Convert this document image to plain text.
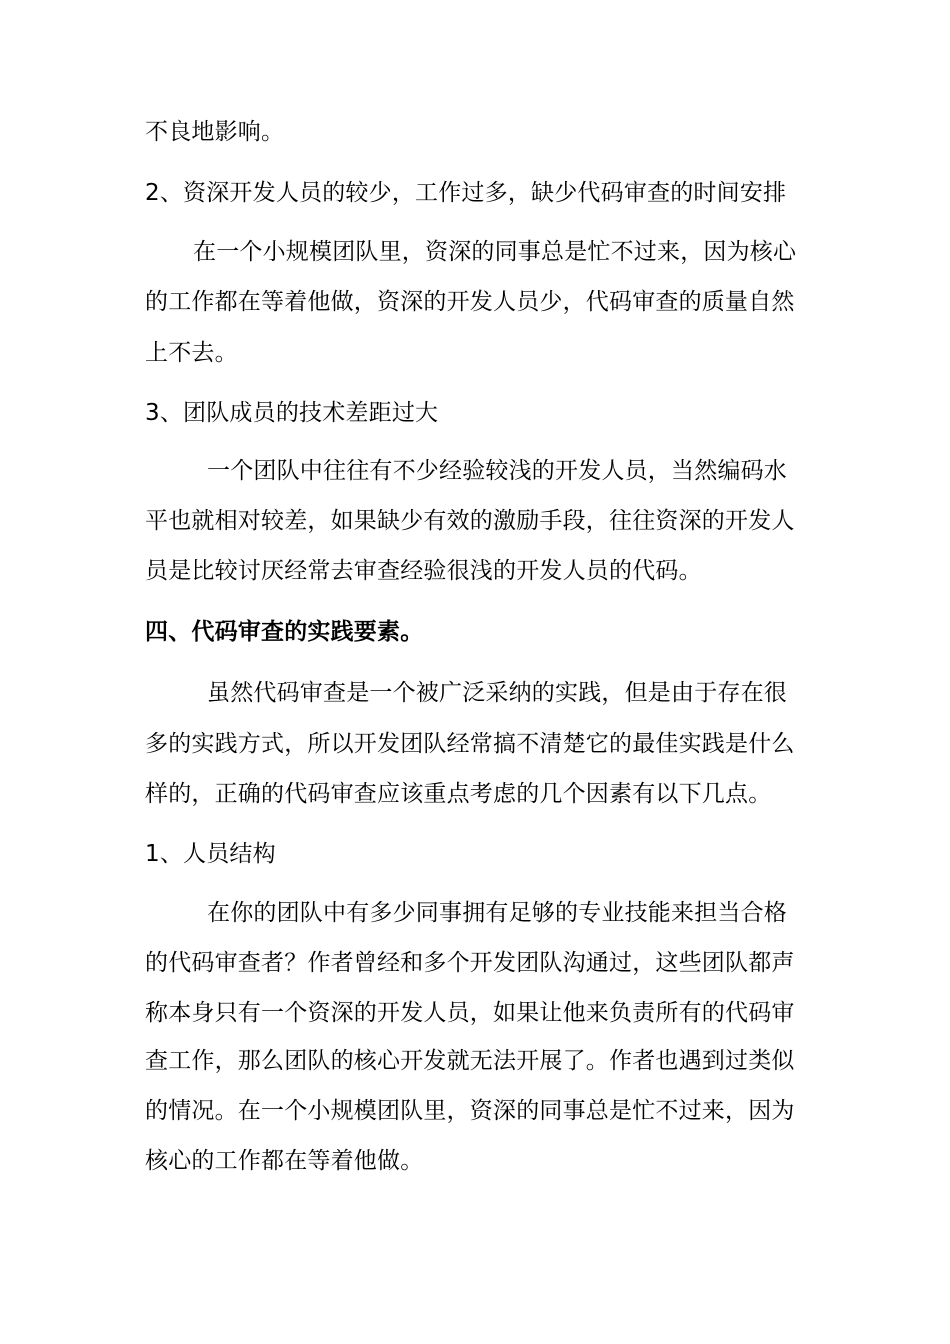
不良地影响。
2、资深开发人员的较少，工作过多，缺少代码审查的时间安排
在一个小规模团队里，资深的同事总是忙不过来，因为核心
的工作都在等着他做，资深的开发人员少，代码审查的质量自然
上不去。
3、团队成员的技术差距过大
一个团队中往往有不少经验较浅的开发人员，当然编码水
平也就相对较差，如果缺少有效的激励手段，往往资深的开发人
员是比较讨厌经常去审查经验很浅的开发人员的代码。
四、代码审查的实践要素。
虽然代码审查是一个被广泛采纳的实践，但是由于存在很
多的实践方式，所以开发团队经常搞不清楚它的最佳实践是什么
样的，正确的代码审查应该重点考虑的几个因素有以下几点。
1、人员结构
在你的团队中有多少同事拥有足够的专业技能来担当合格
的代码审查者？作者曾经和多个开发团队沟通过，这些团队都声
称本身只有一个资深的开发人员，如果让他来负责所有的代码审
查工作，那么团队的核心开发就无法开展了。作者也遇到过类似
的情况。在一个小规模团队里，资深的同事总是忙不过来，因为
核心的工作都在等着他做。
